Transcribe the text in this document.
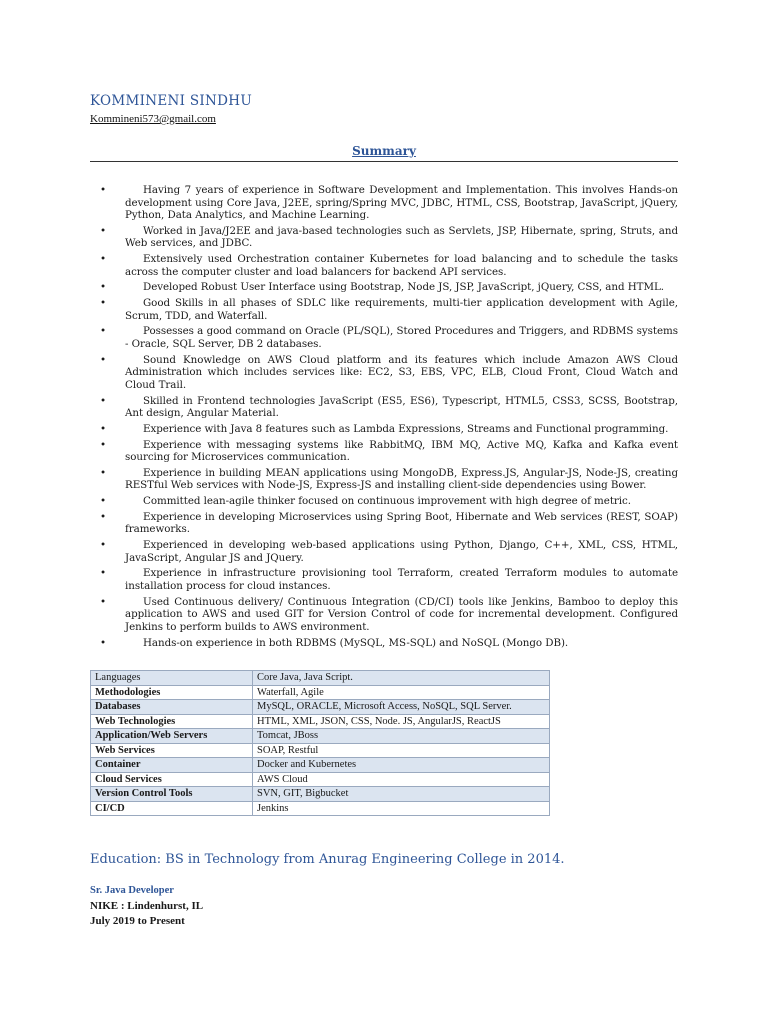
KOMMINENI SINDHU
Kommineni573@gmail.com
Summary
•	Having 7 years of experience in Software Development and Implementation. This involves Hands-on development using Core Java, J2EE, spring/Spring MVC, JDBC, HTML, CSS, Bootstrap, JavaScript, jQuery, Python, Data Analytics, and Machine Learning.
•	Worked in Java/J2EE and java-based technologies such as Servlets, JSP, Hibernate, spring, Struts, and Web services, and JDBC.
•	Extensively used Orchestration container Kubernetes for load balancing and to schedule the tasks across the computer cluster and load balancers for backend API services.
•	Developed Robust User Interface using Bootstrap, Node JS, JSP, JavaScript, jQuery, CSS, and HTML.
•	Good Skills in all phases of SDLC like requirements, multi-tier application development with Agile, Scrum, TDD, and Waterfall.
•	Possesses a good command on Oracle (PL/SQL), Stored Procedures and Triggers, and RDBMS systems - Oracle, SQL Server, DB 2 databases.
•	Sound Knowledge on AWS Cloud platform and its features which include Amazon AWS Cloud Administration which includes services like: EC2, S3, EBS, VPC, ELB, Cloud Front, Cloud Watch and Cloud Trail.
•	Skilled in Frontend technologies JavaScript (ES5, ES6), Typescript, HTML5, CSS3, SCSS, Bootstrap, Ant design, Angular Material.
•	Experience with Java 8 features such as Lambda Expressions, Streams and Functional programming.
•	Experience with messaging systems like RabbitMQ, IBM MQ, Active MQ, Kafka and Kafka event sourcing for Microservices communication.
•	Experience in building MEAN applications using MongoDB, Express.JS, Angular-JS, Node-JS, creating RESTful Web services with Node-JS, Express-JS and installing client-side dependencies using Bower.
•	Committed lean-agile thinker focused on continuous improvement with high degree of metric.
•	Experience in developing Microservices using Spring Boot, Hibernate and Web services (REST, SOAP) frameworks.
•	Experienced in developing web-based applications using Python, Django, C++, XML, CSS, HTML, JavaScript, Angular JS and JQuery.
•	Experience in infrastructure provisioning tool Terraform, created Terraform modules to automate installation process for cloud instances.
•	Used Continuous delivery/ Continuous Integration (CD/CI) tools like Jenkins, Bamboo to deploy this application to AWS and used GIT for Version Control of code for incremental development. Configured Jenkins to perform builds to AWS environment.
•	Hands-on experience in both RDBMS (MySQL, MS-SQL) and NoSQL (Mongo DB).
Languages	Core Java, Java Script.
Methodologies	Waterfall, Agile
Databases	MySQL, ORACLE, Microsoft Access, NoSQL, SQL Server.
Web Technologies	HTML, XML, JSON, CSS, Node. JS, AngularJS, ReactJS
Application/Web Servers	Tomcat, JBoss
Web Services	SOAP, Restful
Container	Docker and Kubernetes
Cloud Services	AWS Cloud
Version Control Tools	SVN, GIT, Bigbucket
CI/CD	Jenkins
Education: BS in Technology from Anurag Engineering College in 2014.
Sr. Java Developer
NIKE : Lindenhurst, IL
July 2019 to Present
